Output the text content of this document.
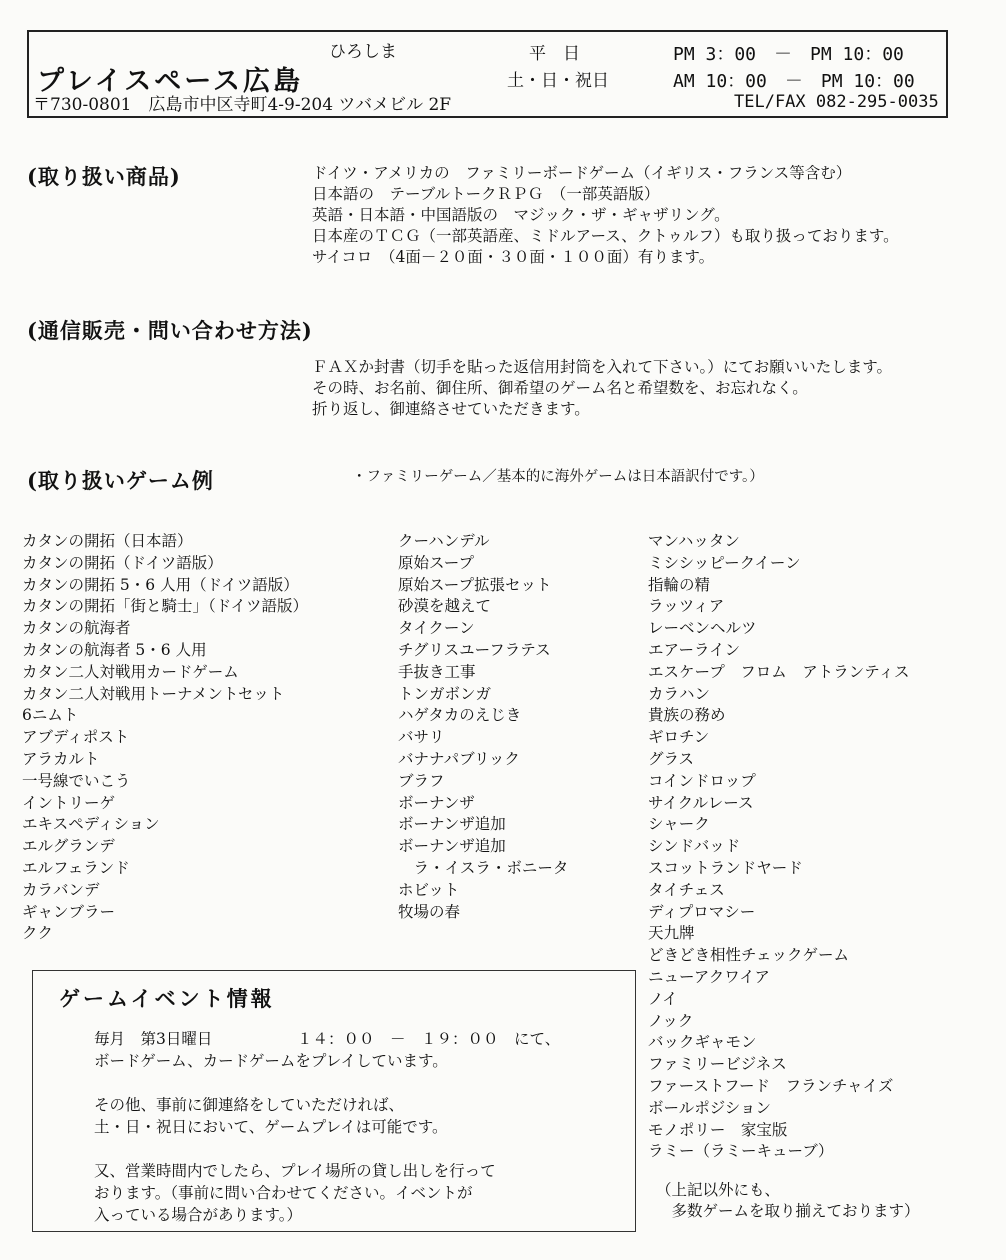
ひろしま
プレイスペース広島
〒730-0801　広島市中区寺町4-9-204 ツバメビル 2F
平　日	PM 3：00　－　PM 10：00
土・日・祝日	AM 10：00　－　PM 10：00
TEL/FAX 082-295-0035
(取り扱い商品)	ドイツ・アメリカの　ファミリーボードゲーム（イギリス・フランス等含む）
日本語の　テーブルトークＲＰＧ　（一部英語版）
英語・日本語・中国語版の　マジック・ザ・ギャザリング。
日本産のＴＣＧ（一部英語産、ミドルアース、クトゥルフ）も取り扱っております。
サイコロ　（4面－２０面・３０面・１００面）有ります。
(通信販売・問い合わせ方法)
ＦＡＸか封書（切手を貼った返信用封筒を入れて下さい。）にてお願いいたします。
その時、お名前、御住所、御希望のゲーム名と希望数を、お忘れなく。
折り返し、御連絡させていただきます。
(取り扱いゲーム例	・ファミリーゲーム／基本的に海外ゲームは日本語訳付です。）
カタンの開拓（日本語）
カタンの開拓（ドイツ語版）
カタンの開拓 5・6 人用（ドイツ語版）
カタンの開拓「街と騎士」（ドイツ語版）
カタンの航海者
カタンの航海者 5・6 人用
カタン二人対戦用カードゲーム
カタン二人対戦用トーナメントセット
6ニムト
アブディポスト
アラカルト
一号線でいこう
イントリーゲ
エキスペディション
エルグランデ
エルフェランド
カラバンデ
ギャンブラー
クク
クーハンデル
原始スープ
原始スープ拡張セット
砂漠を越えて
タイクーン
チグリスユーフラテス
手抜き工事
トンガボンガ
ハゲタカのえじき
バサリ
バナナパブリック
ブラフ
ボーナンザ
ボーナンザ追加
ボーナンザ追加
　ラ・イスラ・ボニータ
ホビット
牧場の春
マンハッタン
ミシシッピークイーン
指輪の精
ラッツィア
レーベンヘルツ
エアーライン
エスケープ　フロム　アトランティス
カラハン
貴族の務め
ギロチン
グラス
コインドロップ
サイクルレース
シャーク
シンドバッド
スコットランドヤード
タイチェス
ディプロマシー
天九牌
どきどき相性チェックゲーム
ニューアクワイア
ノイ
ノック
バックギャモン
ファミリービジネス
ファーストフード　フランチャイズ
ボールポジション
モノポリー　家宝版
ラミー（ラミーキューブ）
（上記以外にも、
　多数ゲームを取り揃えております）
ゲームイベント情報
毎月　第3日曜日	１４：００　－　１９：００　にて、
ボードゲーム、カードゲームをプレイしています。
その他、事前に御連絡をしていただければ、
土・日・祝日において、ゲームプレイは可能です。
又、営業時間内でしたら、プレイ場所の貸し出しを行って
おります。（事前に問い合わせてください。イベントが
入っている場合があります。）
